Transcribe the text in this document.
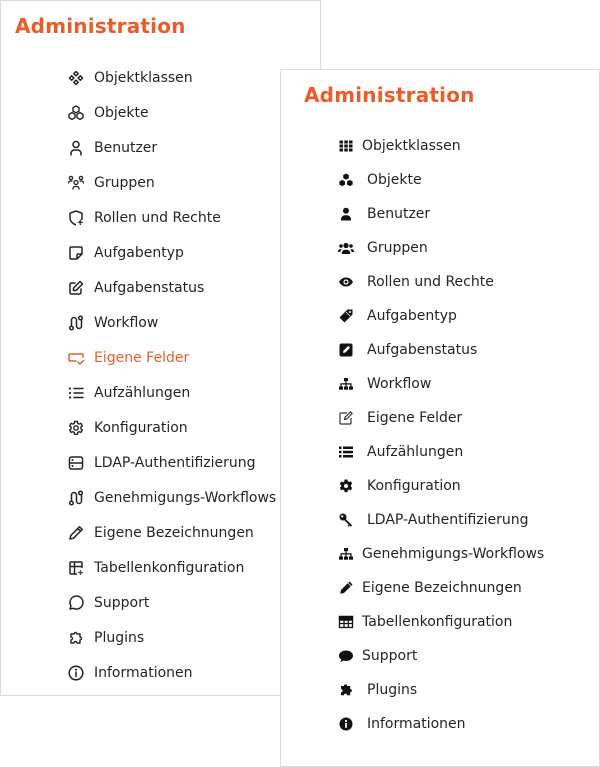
Administration
Objektklassen
Objekte
Benutzer
Gruppen
Rollen und Rechte
Aufgabentyp
Aufgabenstatus
Workflow
Eigene Felder
Aufzählungen
Konfiguration
LDAP-Authentifizierung
Genehmigungs-Workflows
Eigene Bezeichnungen
Tabellenkonfiguration
Support
Plugins
Informationen
Administration
Objektklassen
Objekte
Benutzer
Gruppen
Rollen und Rechte
Aufgabentyp
Aufgabenstatus
Workflow
Eigene Felder
Aufzählungen
Konfiguration
LDAP-Authentifizierung
Genehmigungs-Workflows
Eigene Bezeichnungen
Tabellenkonfiguration
Support
Plugins
Informationen
